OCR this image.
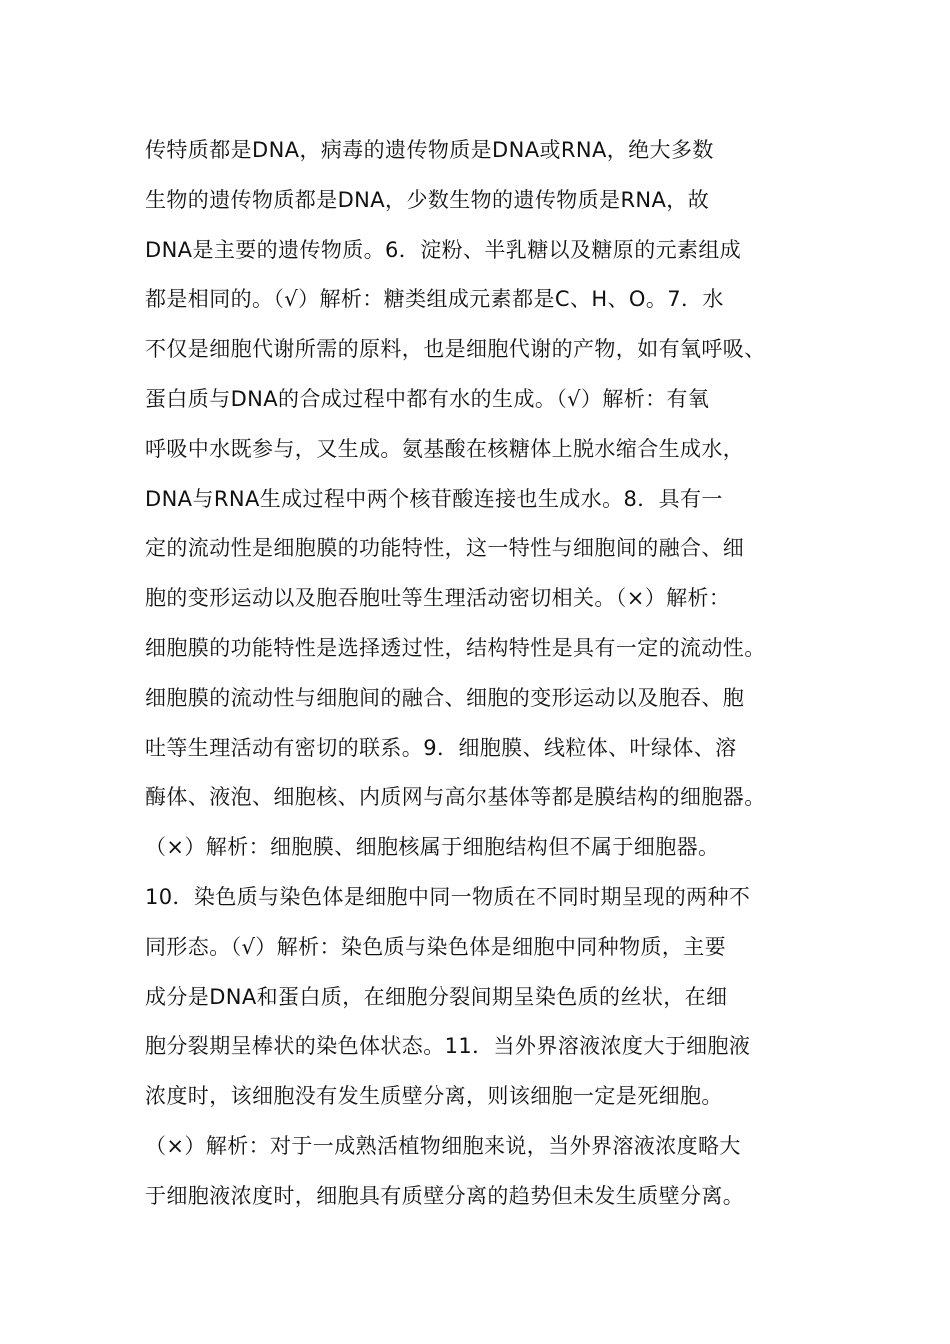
传特质都是DNA，病毒的遗传物质是DNA或RNA，绝大多数
生物的遗传物质都是DNA，少数生物的遗传物质是RNA，故
DNA是主要的遗传物质。6．淀粉、半乳糖以及糖原的元素组成
都是相同的。（√）解析：糖类组成元素都是C、H、O。7．水
不仅是细胞代谢所需的原料，也是细胞代谢的产物，如有氧呼吸、
蛋白质与DNA的合成过程中都有水的生成。（√）解析：有氧
呼吸中水既参与，又生成。氨基酸在核糖体上脱水缩合生成水，
DNA与RNA生成过程中两个核苷酸连接也生成水。8．具有一
定的流动性是细胞膜的功能特性，这一特性与细胞间的融合、细
胞的变形运动以及胞吞胞吐等生理活动密切相关。（×）解析：
细胞膜的功能特性是选择透过性，结构特性是具有一定的流动性。
细胞膜的流动性与细胞间的融合、细胞的变形运动以及胞吞、胞
吐等生理活动有密切的联系。9．细胞膜、线粒体、叶绿体、溶
酶体、液泡、细胞核、内质网与高尔基体等都是膜结构的细胞器。
（×）解析：细胞膜、细胞核属于细胞结构但不属于细胞器。
10．染色质与染色体是细胞中同一物质在不同时期呈现的两种不
同形态。（√）解析：染色质与染色体是细胞中同种物质，主要
成分是DNA和蛋白质，在细胞分裂间期呈染色质的丝状，在细
胞分裂期呈棒状的染色体状态。11．当外界溶液浓度大于细胞液
浓度时，该细胞没有发生质壁分离，则该细胞一定是死细胞。
（×）解析：对于一成熟活植物细胞来说，当外界溶液浓度略大
于细胞液浓度时，细胞具有质壁分离的趋势但未发生质壁分离。
